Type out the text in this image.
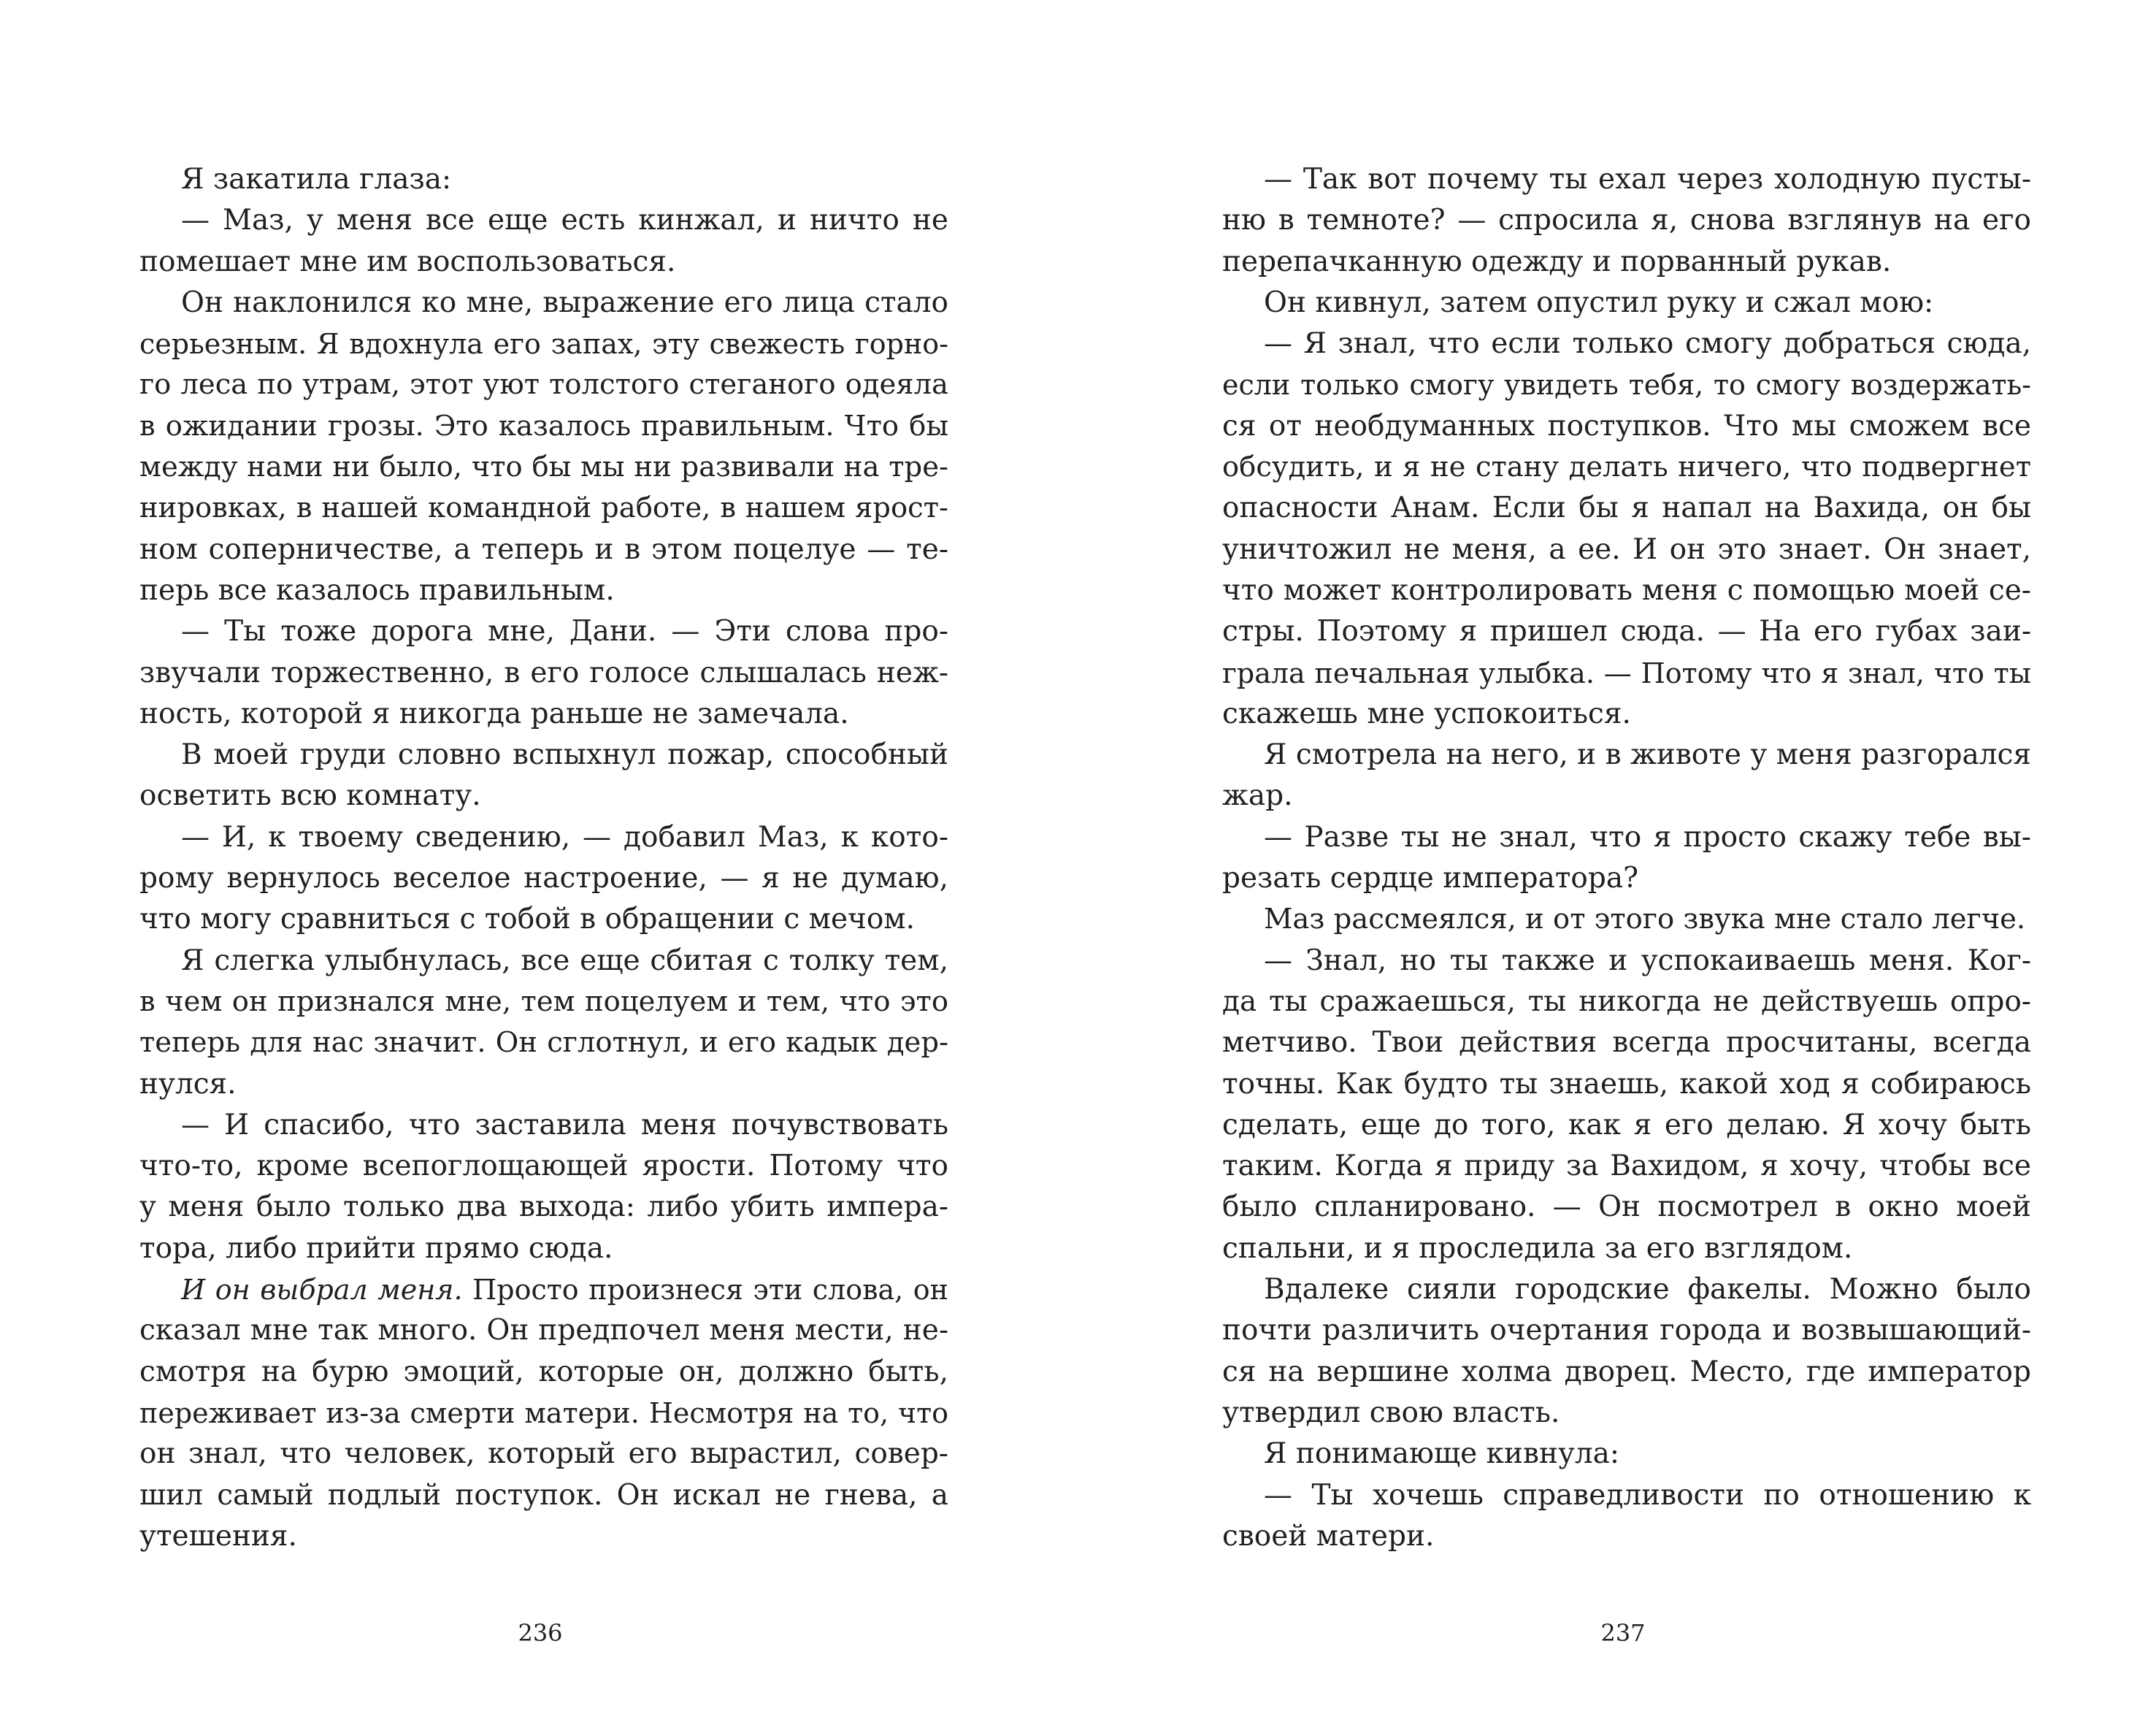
Я закатила глаза:
— Маз, у меня все еще есть кинжал, и ничто не
помешает мне им воспользоваться.
Он наклонился ко мне, выражение его лица стало
серьезным. Я вдохнула его запах, эту свежесть горно-
го леса по утрам, этот уют толстого стеганого одеяла
в ожидании грозы. Это казалось правильным. Что бы
между нами ни было, что бы мы ни развивали на тре-
нировках, в нашей командной работе, в нашем ярост-
ном соперничестве, а теперь и в этом поцелуе — те-
перь все казалось правильным.
— Ты тоже дорога мне, Дани. — Эти слова про-
звучали торжественно, в его голосе слышалась неж-
ность, которой я никогда раньше не замечала.
В моей груди словно вспыхнул пожар, способный
осветить всю комнату.
— И, к твоему сведению, — добавил Маз, к кото-
рому вернулось веселое настроение, — я не думаю,
что могу сравниться с тобой в обращении с мечом.
Я слегка улыбнулась, все еще сбитая с толку тем,
в чем он признался мне, тем поцелуем и тем, что это
теперь для нас значит. Он сглотнул, и его кадык дер-
нулся.
— И спасибо, что заставила меня почувствовать
что-то, кроме всепоглощающей ярости. Потому что
у меня было только два выхода: либо убить импера-
тора, либо прийти прямо сюда.
И он выбрал меня. Просто произнеся эти слова, он
сказал мне так много. Он предпочел меня мести, не-
смотря на бурю эмоций, которые он, должно быть,
переживает из-за смерти матери. Несмотря на то, что
он знал, что человек, который его вырастил, совер-
шил самый подлый поступок. Он искал не гнева, а
утешения.
— Так вот почему ты ехал через холодную пусты-
ню в темноте? — спросила я, снова взглянув на его
перепачканную одежду и порванный рукав.
Он кивнул, затем опустил руку и сжал мою:
— Я знал, что если только смогу добраться сюда,
если только смогу увидеть тебя, то смогу воздержать-
ся от необдуманных поступков. Что мы сможем все
обсудить, и я не стану делать ничего, что подвергнет
опасности Анам. Если бы я напал на Вахида, он бы
уничтожил не меня, а ее. И он это знает. Он знает,
что может контролировать меня с помощью моей се-
стры. Поэтому я пришел сюда. — На его губах заи-
грала печальная улыбка. — Потому что я знал, что ты
скажешь мне успокоиться.
Я смотрела на него, и в животе у меня разгорался
жар.
— Разве ты не знал, что я просто скажу тебе вы-
резать сердце императора?
Маз рассмеялся, и от этого звука мне стало легче.
— Знал, но ты также и успокаиваешь меня. Ког-
да ты сражаешься, ты никогда не действуешь опро-
метчиво. Твои действия всегда просчитаны, всегда
точны. Как будто ты знаешь, какой ход я собираюсь
сделать, еще до того, как я его делаю. Я хочу быть
таким. Когда я приду за Вахидом, я хочу, чтобы все
было спланировано. — Он посмотрел в окно моей
спальни, и я проследила за его взглядом.
Вдалеке сияли городские факелы. Можно было
почти различить очертания города и возвышающий-
ся на вершине холма дворец. Место, где император
утвердил свою власть.
Я понимающе кивнула:
— Ты хочешь справедливости по отношению к
своей матери.
236	237
